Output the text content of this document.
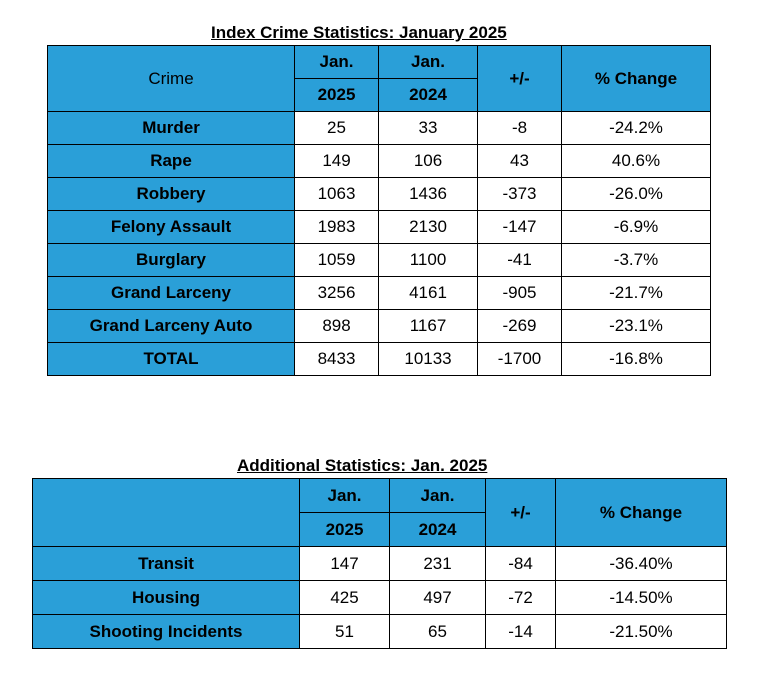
Index Crime Statistics: January 2025
Crime	Jan.	Jan.	+/-	% Change
	2025	2024		
Murder	25	33	-8	-24.2%
Rape	149	106	43	40.6%
Robbery	1063	1436	-373	-26.0%
Felony Assault	1983	2130	-147	-6.9%
Burglary	1059	1100	-41	-3.7%
Grand Larceny	3256	4161	-905	-21.7%
Grand Larceny Auto	898	1167	-269	-23.1%
TOTAL	8433	10133	-1700	-16.8%
Additional Statistics: Jan. 2025
	Jan.	Jan.	+/-	% Change
	2025	2024		
Transit	147	231	-84	-36.40%
Housing	425	497	-72	-14.50%
Shooting Incidents	51	65	-14	-21.50%
